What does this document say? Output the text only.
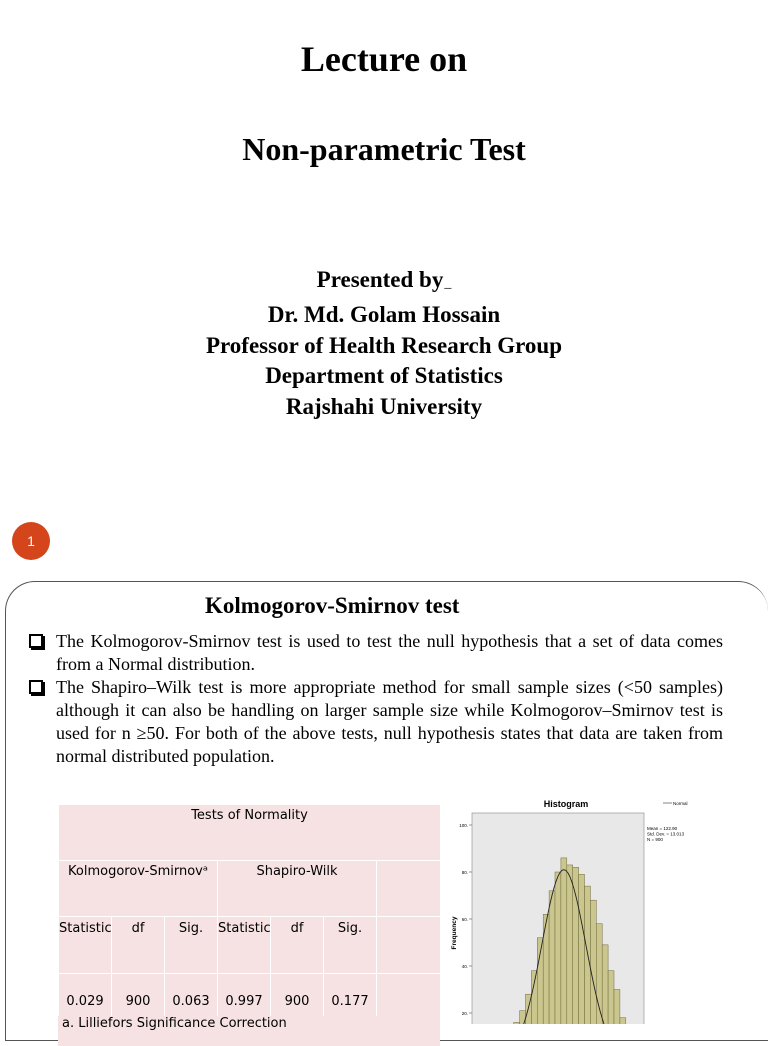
Lecture on
Non-parametric Test
Presented by _
Dr. Md. Golam Hossain
Professor of Health Research Group
Department of Statistics
Rajshahi University
1
Kolmogorov-Smirnov test
The Kolmogorov-Smirnov test is used to test the null hypothesis that a set of data comes from a Normal distribution.
The Shapiro–Wilk test is more appropriate method for small sample sizes (<50 samples) although it can also be handling on larger sample size while Kolmogorov–Smirnov test is used for n ≥50. For both of the above tests, null hypothesis states that data are taken from normal distributed population.
Tests of Normality						
Kolmogorov-Smirnovᵃ			Shapiro-Wilk			
Statistic	df	Sig.	Statistic	df	Sig.	
0.029	900	0.063	0.997	900	0.177	
a. Lilliefors Significance Correction
Histogram
Frequency
20.
40.
60.
80.
100.
Normal
Mean = 122.90
Std. Dev. = 13.013
N = 900
